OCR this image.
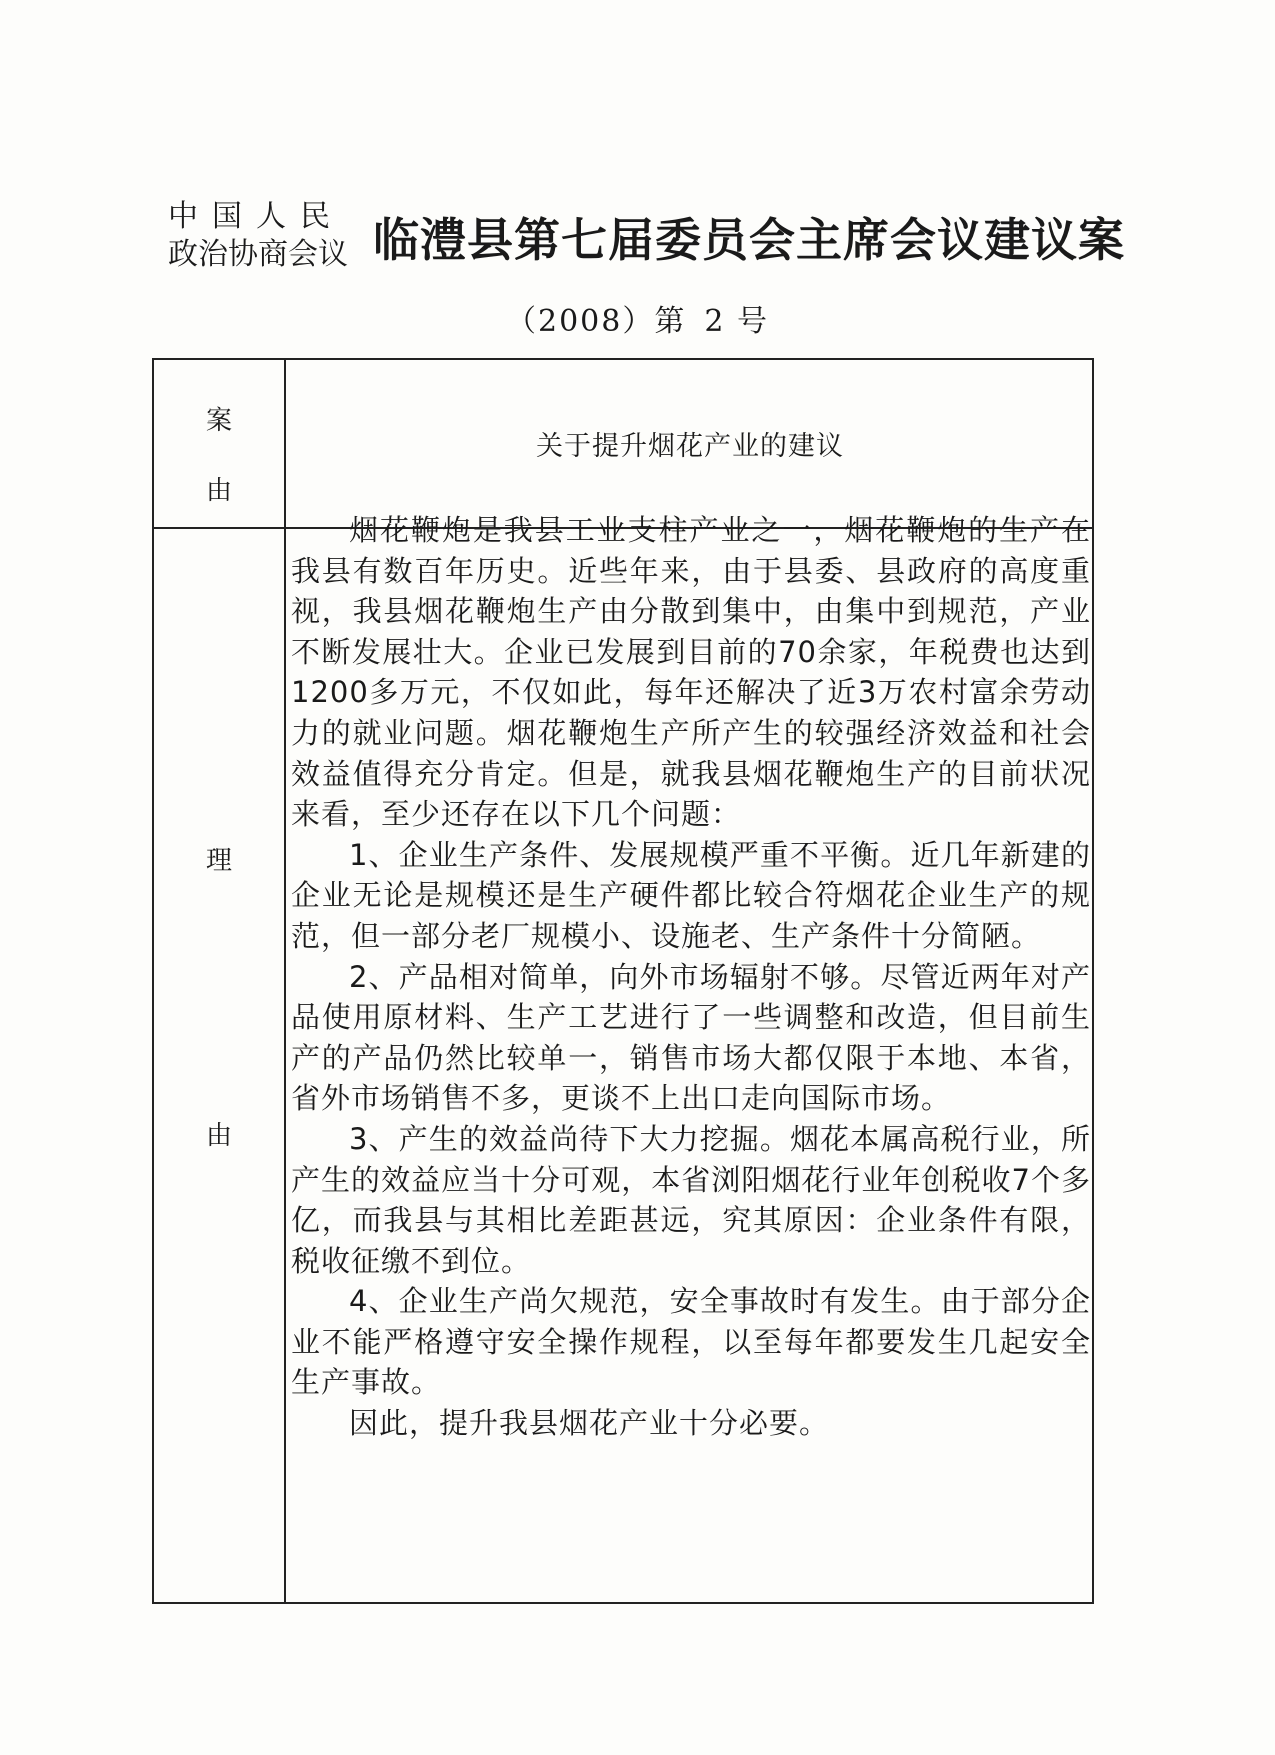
中国人民
政治协商会议 临澧县第七届委员会主席会议建议案
（2008）第 2 号
案
由
关于提升烟花产业的建议
理
由

烟花鞭炮是我县工业支柱产业之一，烟花鞭炮的生产在我县有数百年历史。近些年来，由于县委、县政府的高度重视，我县烟花鞭炮生产由分散到集中，由集中到规范，产业不断发展壮大。企业已发展到目前的70余家，年税费也达到1200多万元，不仅如此，每年还解决了近3万农村富余劳动力的就业问题。烟花鞭炮生产所产生的较强经济效益和社会效益值得充分肯定。但是，就我县烟花鞭炮生产的目前状况来看，至少还存在以下几个问题：

1、企业生产条件、发展规模严重不平衡。近几年新建的企业无论是规模还是生产硬件都比较合符烟花企业生产的规范，但一部分老厂规模小、设施老、生产条件十分简陋。

2、产品相对简单，向外市场辐射不够。尽管近两年对产品使用原材料、生产工艺进行了一些调整和改造，但目前生产的产品仍然比较单一，销售市场大都仅限于本地、本省，省外市场销售不多，更谈不上出口走向国际市场。

3、产生的效益尚待下大力挖掘。烟花本属高税行业，所产生的效益应当十分可观，本省浏阳烟花行业年创税收7个多亿，而我县与其相比差距甚远，究其原因：企业条件有限，税收征缴不到位。

4、企业生产尚欠规范，安全事故时有发生。由于部分企业不能严格遵守安全操作规程，以至每年都要发生几起安全生产事故。

因此，提升我县烟花产业十分必要。
